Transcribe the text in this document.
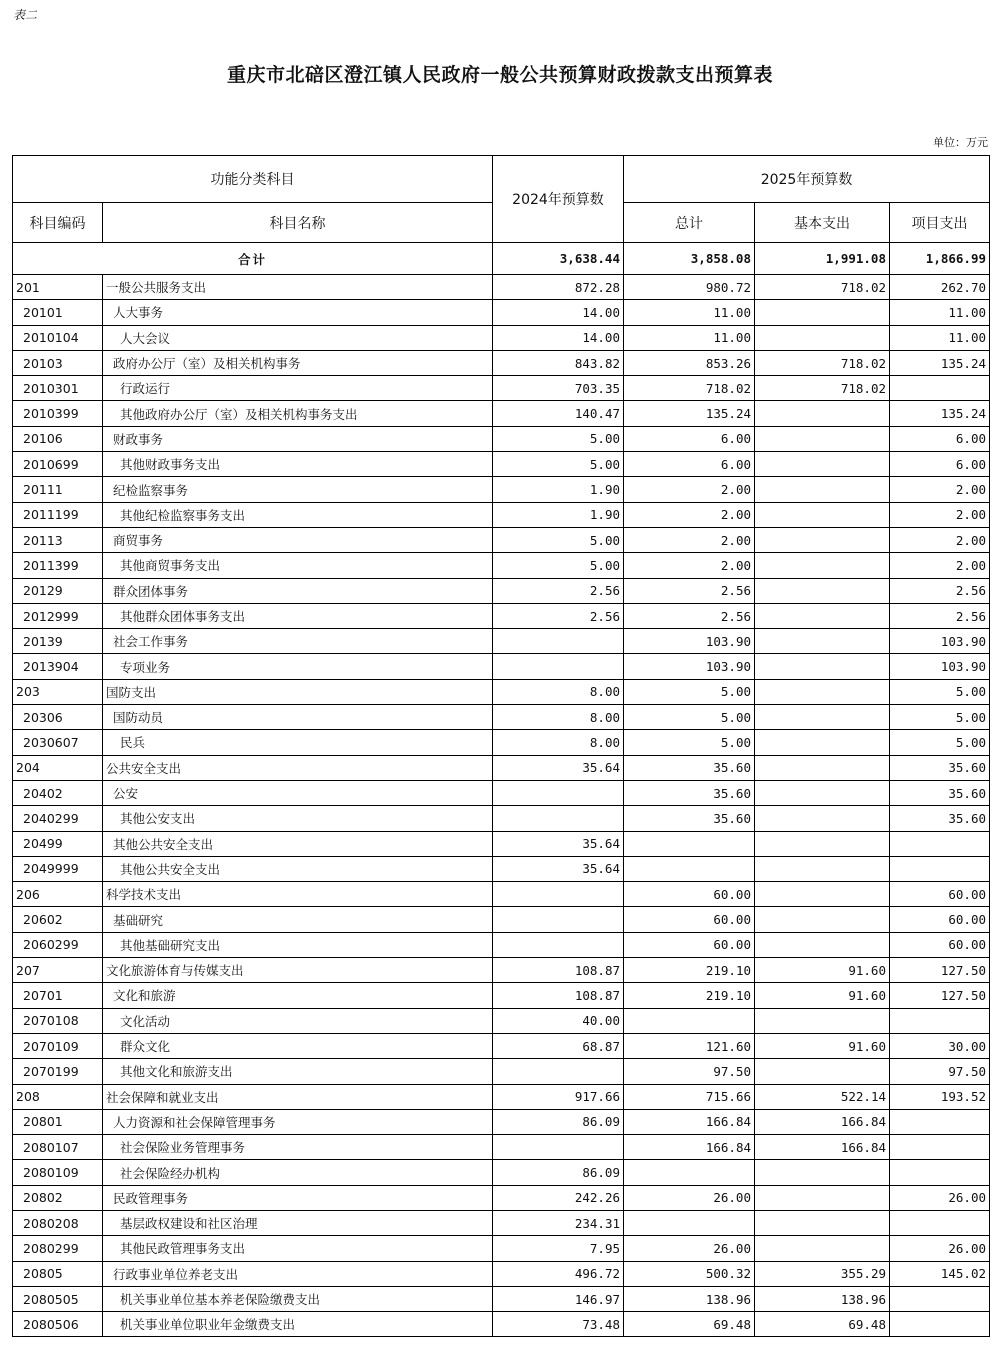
表二
重庆市北碚区澄江镇人民政府一般公共预算财政拨款支出预算表
单位：万元
功能分类科目		2024年预算数	2025年预算数		
科目编码	科目名称		总计	基本支出	项目支出
合计		3,638.44	3,858.08	1,991.08	1,866.99
201	一般公共服务支出	872.28	980.72	718.02	262.70
20101	人大事务	14.00	11.00		11.00
2010104	人大会议	14.00	11.00		11.00
20103	政府办公厅（室）及相关机构事务	843.82	853.26	718.02	135.24
2010301	行政运行	703.35	718.02	718.02	
2010399	其他政府办公厅（室）及相关机构事务支出	140.47	135.24		135.24
20106	财政事务	5.00	6.00		6.00
2010699	其他财政事务支出	5.00	6.00		6.00
20111	纪检监察事务	1.90	2.00		2.00
2011199	其他纪检监察事务支出	1.90	2.00		2.00
20113	商贸事务	5.00	2.00		2.00
2011399	其他商贸事务支出	5.00	2.00		2.00
20129	群众团体事务	2.56	2.56		2.56
2012999	其他群众团体事务支出	2.56	2.56		2.56
20139	社会工作事务		103.90		103.90
2013904	专项业务		103.90		103.90
203	国防支出	8.00	5.00		5.00
20306	国防动员	8.00	5.00		5.00
2030607	民兵	8.00	5.00		5.00
204	公共安全支出	35.64	35.60		35.60
20402	公安		35.60		35.60
2040299	其他公安支出		35.60		35.60
20499	其他公共安全支出	35.64			
2049999	其他公共安全支出	35.64			
206	科学技术支出		60.00		60.00
20602	基础研究		60.00		60.00
2060299	其他基础研究支出		60.00		60.00
207	文化旅游体育与传媒支出	108.87	219.10	91.60	127.50
20701	文化和旅游	108.87	219.10	91.60	127.50
2070108	文化活动	40.00			
2070109	群众文化	68.87	121.60	91.60	30.00
2070199	其他文化和旅游支出		97.50		97.50
208	社会保障和就业支出	917.66	715.66	522.14	193.52
20801	人力资源和社会保障管理事务	86.09	166.84	166.84	
2080107	社会保险业务管理事务		166.84	166.84	
2080109	社会保险经办机构	86.09			
20802	民政管理事务	242.26	26.00		26.00
2080208	基层政权建设和社区治理	234.31			
2080299	其他民政管理事务支出	7.95	26.00		26.00
20805	行政事业单位养老支出	496.72	500.32	355.29	145.02
2080505	机关事业单位基本养老保险缴费支出	146.97	138.96	138.96	
2080506	机关事业单位职业年金缴费支出	73.48	69.48	69.48	
